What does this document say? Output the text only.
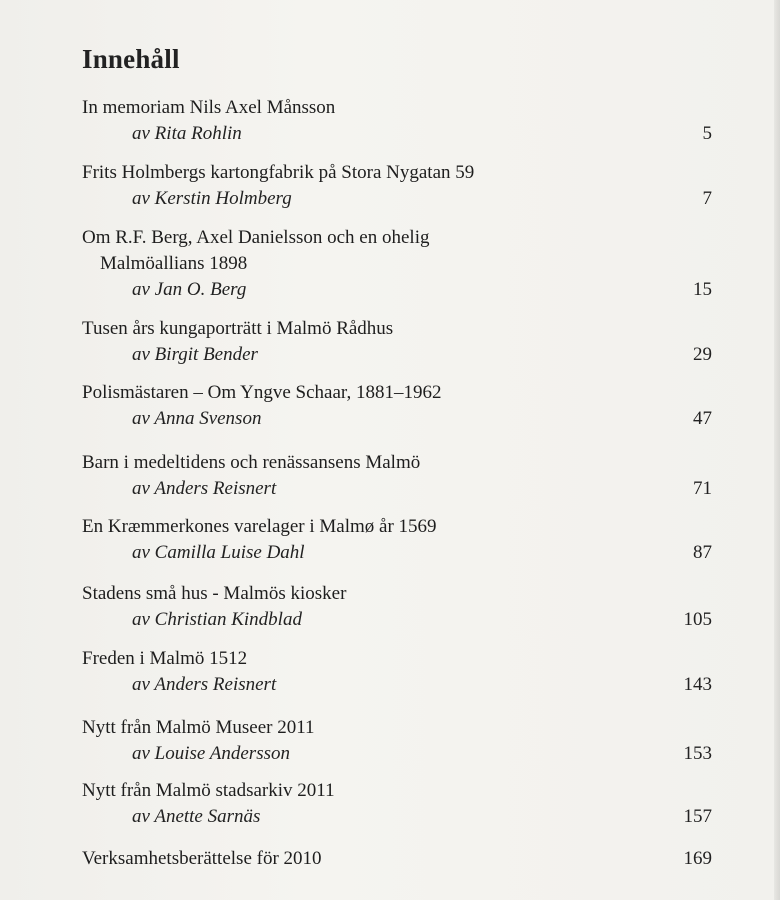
Innehåll
In memoriam Nils Axel Månsson
av Rita Rohlin	5
Frits Holmbergs kartongfabrik på Stora Nygatan 59
av Kerstin Holmberg	7
Om R.F. Berg, Axel Danielsson och en ohelig
Malmöallians 1898
av Jan O. Berg	15
Tusen års kungaporträtt i Malmö Rådhus
av Birgit Bender	29
Polismästaren – Om Yngve Schaar, 1881–1962
av Anna Svenson	47
Barn i medeltidens och renässansens Malmö
av Anders Reisnert	71
En Kræmmerkones varelager i Malmø år 1569
av Camilla Luise Dahl	87
Stadens små hus - Malmös kiosker
av Christian Kindblad	105
Freden i Malmö 1512
av Anders Reisnert	143
Nytt från Malmö Museer 2011
av Louise Andersson	153
Nytt från Malmö stadsarkiv 2011
av Anette Sarnäs	157
Verksamhetsberättelse för 2010	169
